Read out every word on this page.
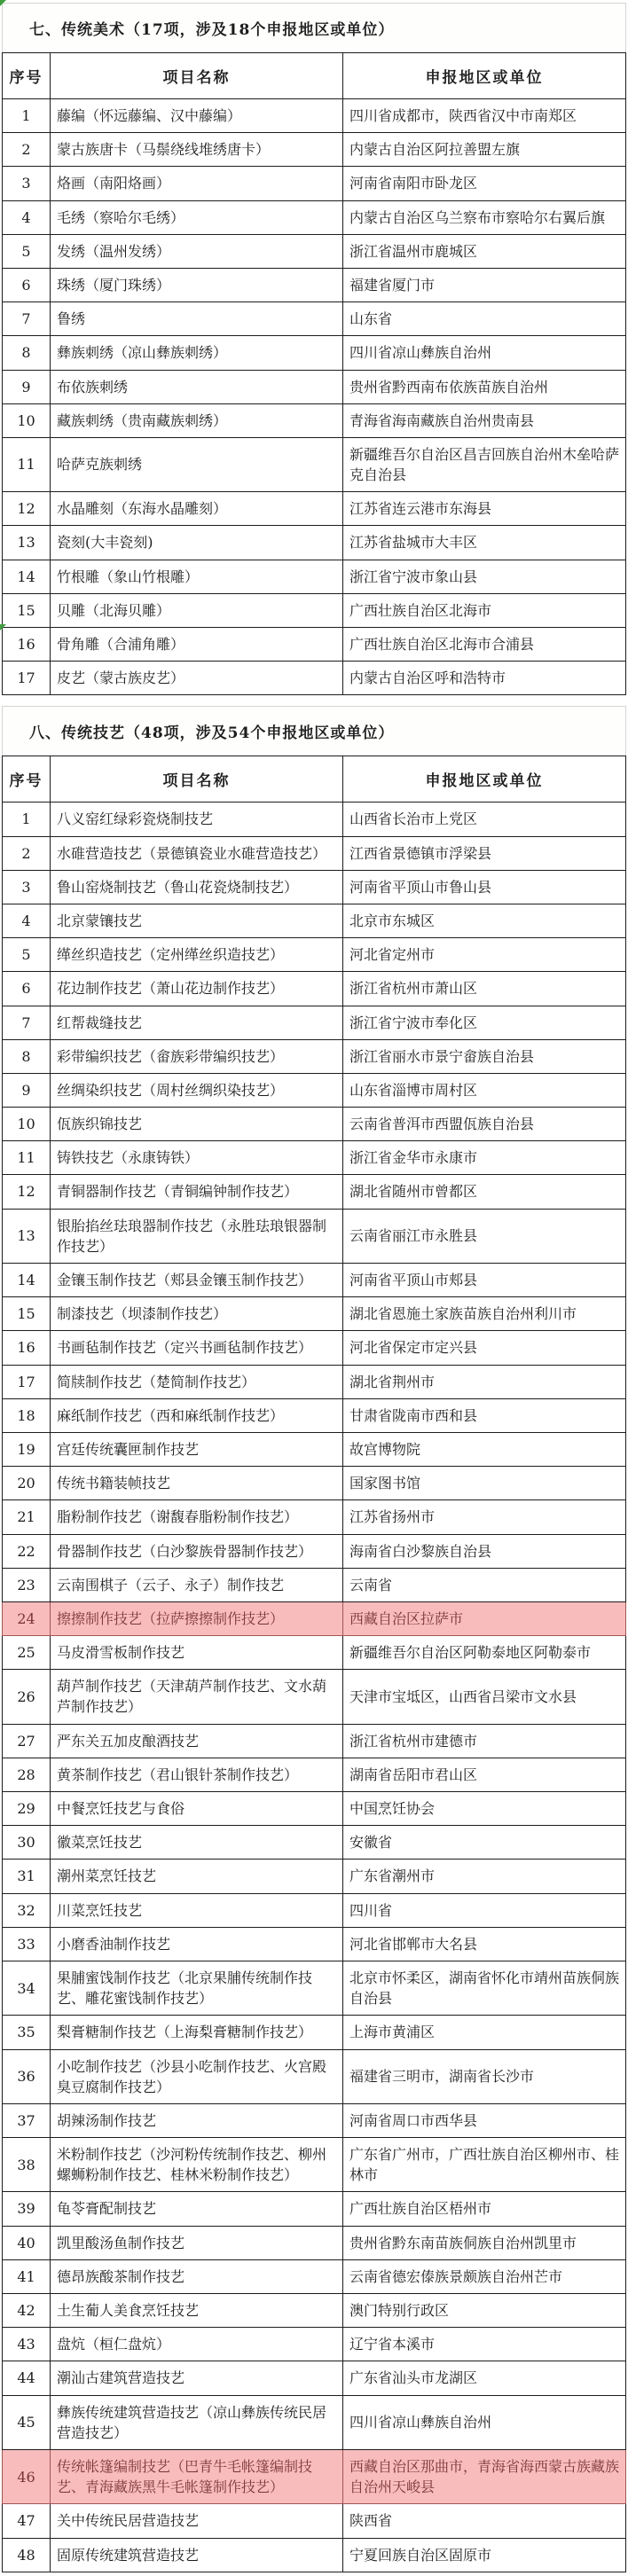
七、传统美术（17项，涉及18个申报地区或单位）
序号	项目名称	申报地区或单位
1	藤编（怀远藤编、汉中藤编）	四川省成都市，陕西省汉中市南郑区
2	蒙古族唐卡（马鬃绕线堆绣唐卡）	内蒙古自治区阿拉善盟左旗
3	烙画（南阳烙画）	河南省南阳市卧龙区
4	毛绣（察哈尔毛绣）	内蒙古自治区乌兰察布市察哈尔右翼后旗
5	发绣（温州发绣）	浙江省温州市鹿城区
6	珠绣（厦门珠绣）	福建省厦门市
7	鲁绣	山东省
8	彝族刺绣（凉山彝族刺绣）	四川省凉山彝族自治州
9	布依族刺绣	贵州省黔西南布依族苗族自治州
10	藏族刺绣（贵南藏族刺绣）	青海省海南藏族自治州贵南县
11	哈萨克族刺绣	新疆维吾尔自治区昌吉回族自治州木垒哈萨克自治县
12	水晶雕刻（东海水晶雕刻）	江苏省连云港市东海县
13	瓷刻(大丰瓷刻)	江苏省盐城市大丰区
14	竹根雕（象山竹根雕）	浙江省宁波市象山县
15	贝雕（北海贝雕）	广西壮族自治区北海市
16	骨角雕（合浦角雕）	广西壮族自治区北海市合浦县
17	皮艺（蒙古族皮艺）	内蒙古自治区呼和浩特市
八、传统技艺（48项，涉及54个申报地区或单位）
序号	项目名称	申报地区或单位
1	八义窑红绿彩瓷烧制技艺	山西省长治市上党区
2	水碓营造技艺（景德镇瓷业水碓营造技艺）	江西省景德镇市浮梁县
3	鲁山窑烧制技艺（鲁山花瓷烧制技艺）	河南省平顶山市鲁山县
4	北京蒙镶技艺	北京市东城区
5	缂丝织造技艺（定州缂丝织造技艺）	河北省定州市
6	花边制作技艺（萧山花边制作技艺）	浙江省杭州市萧山区
7	红帮裁缝技艺	浙江省宁波市奉化区
8	彩带编织技艺（畲族彩带编织技艺）	浙江省丽水市景宁畲族自治县
9	丝绸染织技艺（周村丝绸织染技艺）	山东省淄博市周村区
10	佤族织锦技艺	云南省普洱市西盟佤族自治县
11	铸铁技艺（永康铸铁）	浙江省金华市永康市
12	青铜器制作技艺（青铜编钟制作技艺）	湖北省随州市曾都区
13	银胎掐丝珐琅器制作技艺（永胜珐琅银器制作技艺）	云南省丽江市永胜县
14	金镶玉制作技艺（郏县金镶玉制作技艺）	河南省平顶山市郏县
15	制漆技艺（坝漆制作技艺）	湖北省恩施土家族苗族自治州利川市
16	书画毡制作技艺（定兴书画毡制作技艺）	河北省保定市定兴县
17	简牍制作技艺（楚简制作技艺）	湖北省荆州市
18	麻纸制作技艺（西和麻纸制作技艺）	甘肃省陇南市西和县
19	宫廷传统囊匣制作技艺	故宫博物院
20	传统书籍装帧技艺	国家图书馆
21	脂粉制作技艺（谢馥春脂粉制作技艺）	江苏省扬州市
22	骨器制作技艺（白沙黎族骨器制作技艺）	海南省白沙黎族自治县
23	云南围棋子（云子、永子）制作技艺	云南省
24	擦擦制作技艺（拉萨擦擦制作技艺）	西藏自治区拉萨市
25	马皮滑雪板制作技艺	新疆维吾尔自治区阿勒泰地区阿勒泰市
26	葫芦制作技艺（天津葫芦制作技艺、文水葫芦制作技艺）	天津市宝坻区，山西省吕梁市文水县
27	严东关五加皮酿酒技艺	浙江省杭州市建德市
28	黄茶制作技艺（君山银针茶制作技艺）	湖南省岳阳市君山区
29	中餐烹饪技艺与食俗	中国烹饪协会
30	徽菜烹饪技艺	安徽省
31	潮州菜烹饪技艺	广东省潮州市
32	川菜烹饪技艺	四川省
33	小磨香油制作技艺	河北省邯郸市大名县
34	果脯蜜饯制作技艺（北京果脯传统制作技艺、雕花蜜饯制作技艺）	北京市怀柔区，湖南省怀化市靖州苗族侗族自治县
35	梨膏糖制作技艺（上海梨膏糖制作技艺）	上海市黄浦区
36	小吃制作技艺（沙县小吃制作技艺、火宫殿臭豆腐制作技艺）	福建省三明市，湖南省长沙市
37	胡辣汤制作技艺	河南省周口市西华县
38	米粉制作技艺（沙河粉传统制作技艺、柳州螺蛳粉制作技艺、桂林米粉制作技艺）	广东省广州市，广西壮族自治区柳州市、桂林市
39	龟苓膏配制技艺	广西壮族自治区梧州市
40	凯里酸汤鱼制作技艺	贵州省黔东南苗族侗族自治州凯里市
41	德昂族酸茶制作技艺	云南省德宏傣族景颇族自治州芒市
42	土生葡人美食烹饪技艺	澳门特别行政区
43	盘炕（桓仁盘炕）	辽宁省本溪市
44	潮汕古建筑营造技艺	广东省汕头市龙湖区
45	彝族传统建筑营造技艺（凉山彝族传统民居营造技艺）	四川省凉山彝族自治州
46	传统帐篷编制技艺（巴青牛毛帐篷编制技艺、青海藏族黑牛毛帐篷制作技艺）	西藏自治区那曲市，青海省海西蒙古族藏族自治州天峻县
47	关中传统民居营造技艺	陕西省
48	固原传统建筑营造技艺	宁夏回族自治区固原市
